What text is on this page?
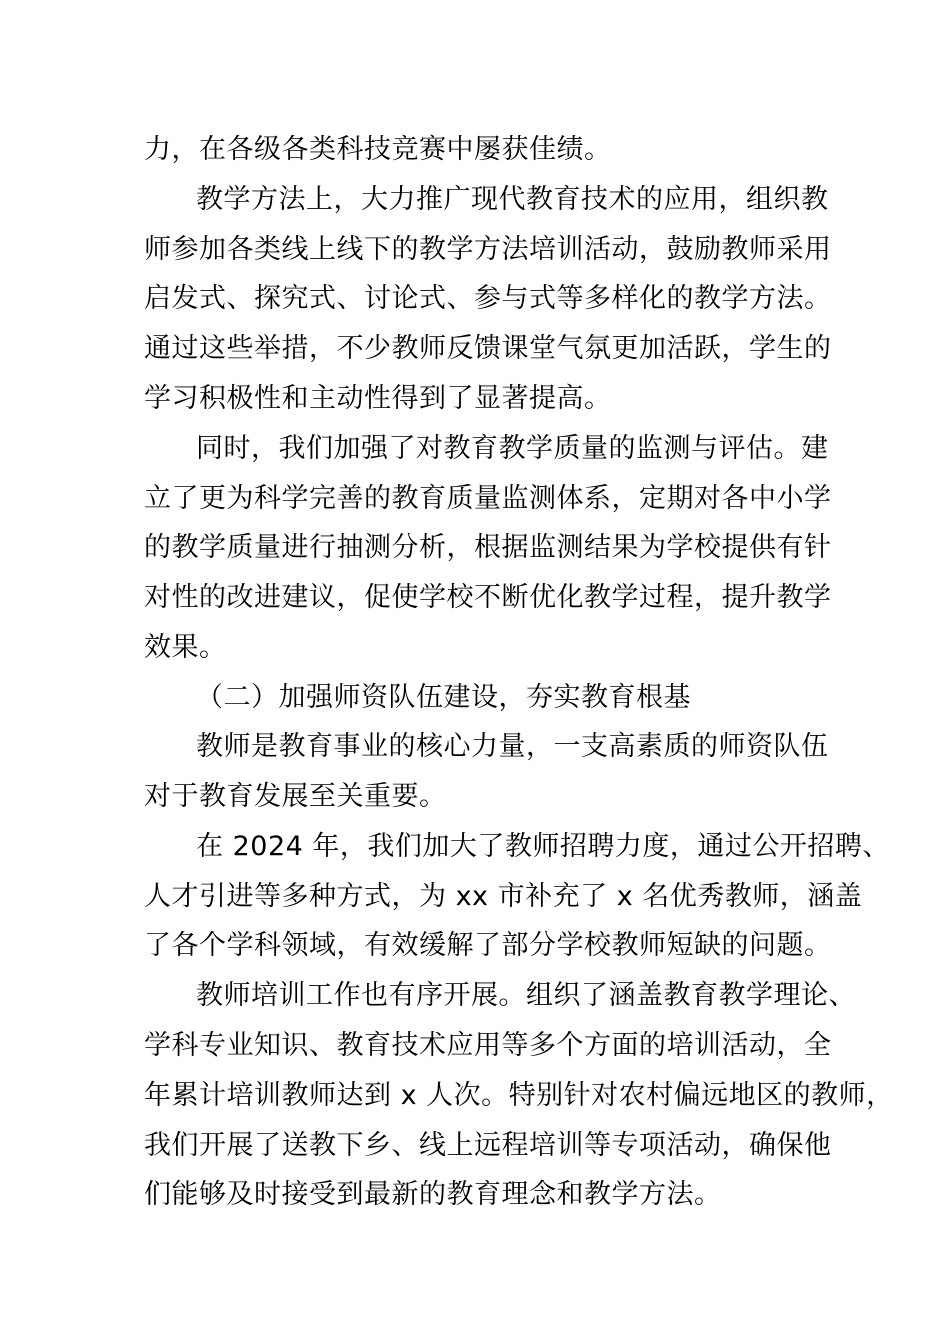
力，在各级各类科技竞赛中屡获佳绩。
教学方法上，大力推广现代教育技术的应用，组织教
师参加各类线上线下的教学方法培训活动，鼓励教师采用
启发式、探究式、讨论式、参与式等多样化的教学方法。
通过这些举措，不少教师反馈课堂气氛更加活跃，学生的
学习积极性和主动性得到了显著提高。
同时，我们加强了对教育教学质量的监测与评估。建
立了更为科学完善的教育质量监测体系，定期对各中小学
的教学质量进行抽测分析，根据监测结果为学校提供有针
对性的改进建议，促使学校不断优化教学过程，提升教学
效果。
（二）加强师资队伍建设，夯实教育根基
教师是教育事业的核心力量，一支高素质的师资队伍
对于教育发展至关重要。
在 2024 年，我们加大了教师招聘力度，通过公开招聘、
人才引进等多种方式，为 xx 市补充了 x 名优秀教师，涵盖
了各个学科领域，有效缓解了部分学校教师短缺的问题。
教师培训工作也有序开展。组织了涵盖教育教学理论、
学科专业知识、教育技术应用等多个方面的培训活动，全
年累计培训教师达到 x 人次。特别针对农村偏远地区的教师，
我们开展了送教下乡、线上远程培训等专项活动，确保他
们能够及时接受到最新的教育理念和教学方法。
